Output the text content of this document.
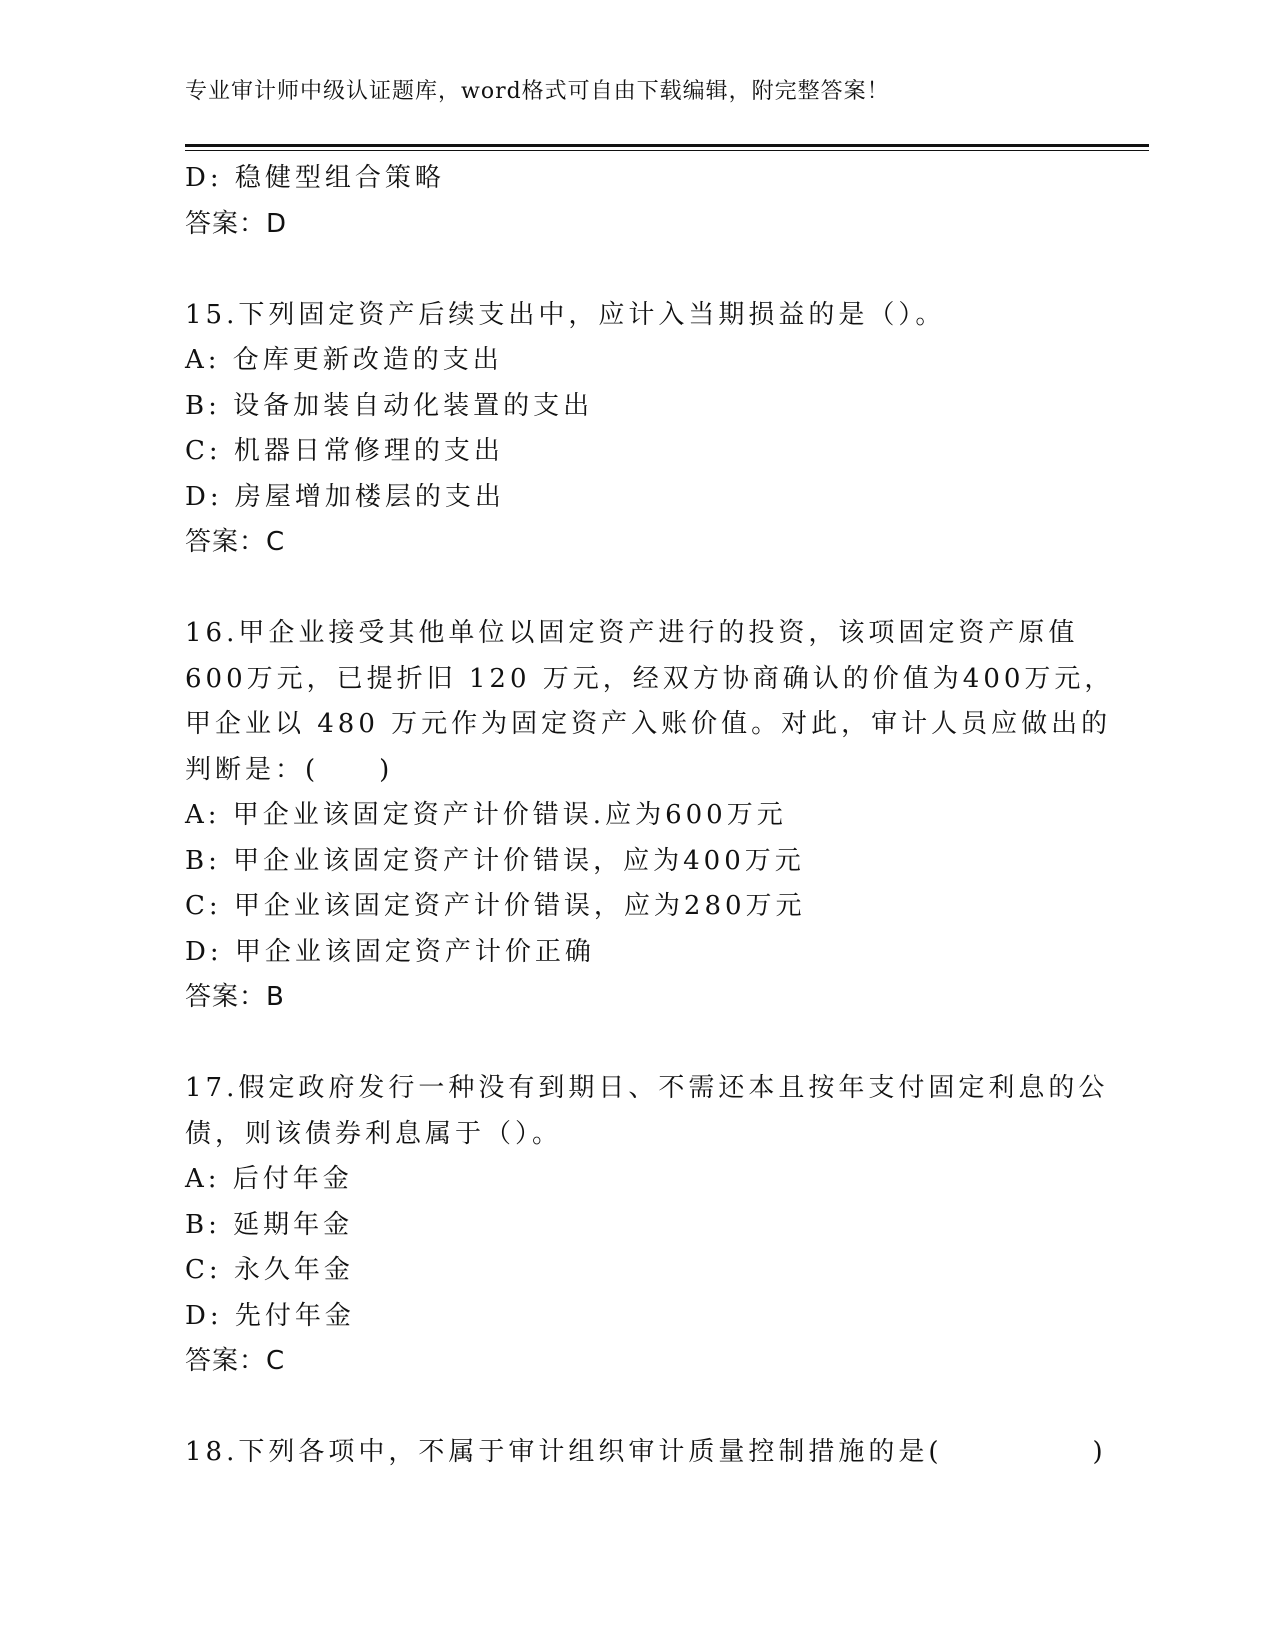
专业审计师中级认证题库，word格式可自由下载编辑，附完整答案！
D: 稳健型组合策略
答案：D
15.下列固定资产后续支出中，应计入当期损益的是（）。
A: 仓库更新改造的支出
B: 设备加装自动化装置的支出
C: 机器日常修理的支出
D: 房屋增加楼层的支出
答案：C
16.甲企业接受其他单位以固定资产进行的投资，该项固定资产原值
600万元，已提折旧 120 万元，经双方协商确认的价值为400万元，
甲企业以 480 万元作为固定资产入账价值。对此，审计人员应做出的
判断是：(　　)
A: 甲企业该固定资产计价错误.应为600万元
B: 甲企业该固定资产计价错误，应为400万元
C: 甲企业该固定资产计价错误，应为280万元
D: 甲企业该固定资产计价正确
答案：B
17.假定政府发行一种没有到期日、不需还本且按年支付固定利息的公
债，则该债券利息属于（）。
A: 后付年金
B: 延期年金
C: 永久年金
D: 先付年金
答案：C
18.下列各项中，不属于审计组织审计质量控制措施的是(　　　　　)
